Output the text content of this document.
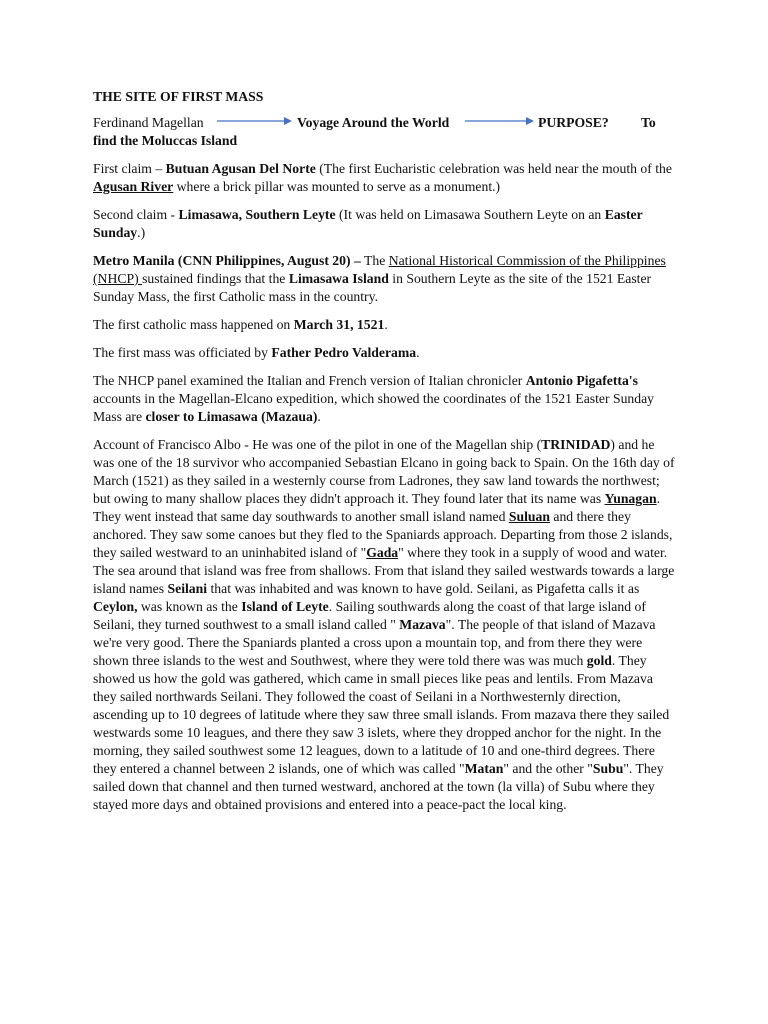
THE SITE OF FIRST MASS
Ferdinand Magellan	Voyage Around the World	PURPOSE? To

find the Moluccas Island

First claim – Butuan Agusan Del Norte (The first Eucharistic celebration was held near the mouth of the Agusan River where a brick pillar was mounted to serve as a monument.)

Second claim - Limasawa, Southern Leyte (It was held on Limasawa Southern Leyte on an Easter Sunday.)

Metro Manila (CNN Philippines, August 20) – The National Historical Commission of the Philippines (NHCP) sustained findings that the Limasawa Island in Southern Leyte as the site of the 1521 Easter Sunday Mass, the first Catholic mass in the country.

The first catholic mass happened on March 31, 1521.

The first mass was officiated by Father Pedro Valderama.

The NHCP panel examined the Italian and French version of Italian chronicler Antonio Pigafetta's accounts in the Magellan-Elcano expedition, which showed the coordinates of the 1521 Easter Sunday Mass are closer to Limasawa (Mazaua).

Account of Francisco Albo - He was one of the pilot in one of the Magellan ship (TRINIDAD) and he was one of the 18 survivor who accompanied Sebastian Elcano in going back to Spain. On the 16th day of March (1521) as they sailed in a westernly course from Ladrones, they saw land towards the northwest; but owing to many shallow places they didn't approach it. They found later that its name was Yunagan. They went instead that same day southwards to another small island named Suluan and there they anchored. They saw some canoes but they fled to the Spaniards approach. Departing from those 2 islands, they sailed westward to an uninhabited island of "Gada" where they took in a supply of wood and water. The sea around that island was free from shallows. From that island they sailed westwards towards a large island names Seilani that was inhabited and was known to have gold. Seilani, as Pigafetta calls it as Ceylon, was known as the Island of Leyte. Sailing southwards along the coast of that large island of Seilani, they turned southwest to a small island called " Mazava". The people of that island of Mazava we're very good. There the Spaniards planted a cross upon a mountain top, and from there they were shown three islands to the west and Southwest, where they were told there was was much gold. They showed us how the gold was gathered, which came in small pieces like peas and lentils. From Mazava they sailed northwards Seilani. They followed the coast of Seilani in a Northwesternly direction, ascending up to 10 degrees of latitude where they saw three small islands. From mazava there they sailed westwards some 10 leagues, and there they saw 3 islets, where they dropped anchor for the night. In the morning, they sailed southwest some 12 leagues, down to a latitude of 10 and one-third degrees. There they entered a channel between 2 islands, one of which was called "Matan" and the other "Subu". They sailed down that channel and then turned westward, anchored at the town (la villa) of Subu where they stayed more days and obtained provisions and entered into a peace-pact the local king.
